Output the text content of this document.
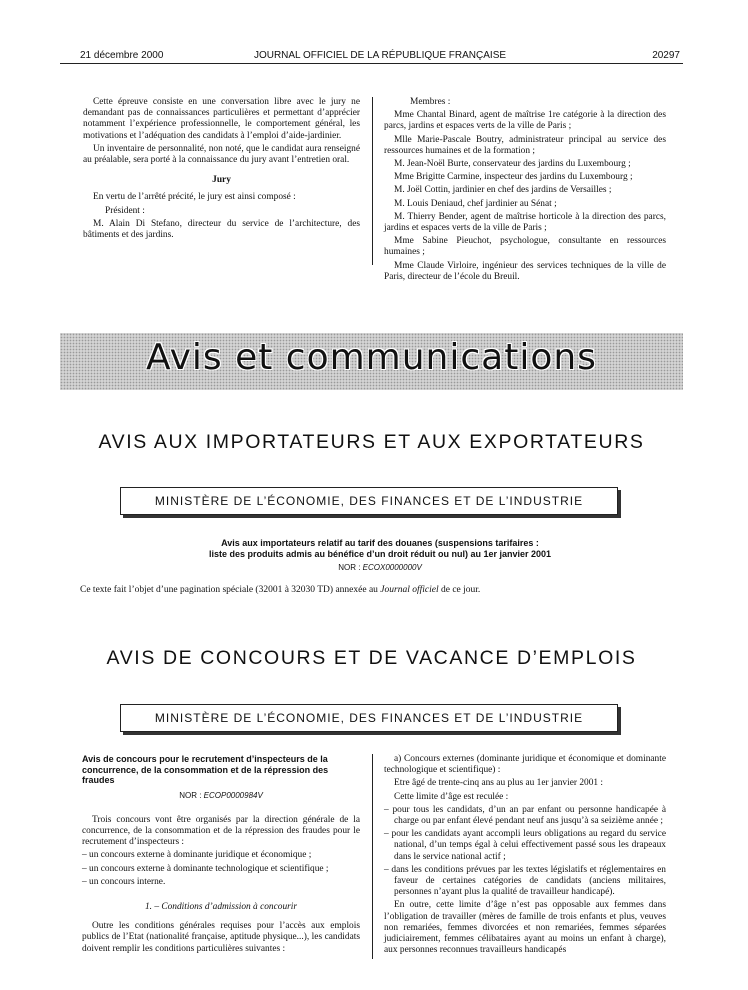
21 décembre 2000	JOURNAL OFFICIEL DE LA RÉPUBLIQUE FRANÇAISE	20297

Cette épreuve consiste en une conversation libre avec le jury ne demandant pas de connaissances particulières et permettant d’apprécier notamment l’expérience professionnelle, le comportement général, les motivations et l’adéquation des candidats à l’emploi d’aide-jardinier.

Un inventaire de personnalité, non noté, que le candidat aura renseigné au préalable, sera porté à la connaissance du jury avant l’entretien oral.

Jury

En vertu de l’arrêté précité, le jury est ainsi composé :

Président :

M. Alain Di Stefano, directeur du service de l’architecture, des bâtiments et des jardins.

Membres :

Mme Chantal Binard, agent de maîtrise 1re catégorie à la direction des parcs, jardins et espaces verts de la ville de Paris ;

Mlle Marie-Pascale Boutry, administrateur principal au service des ressources humaines et de la formation ;

M. Jean-Noël Burte, conservateur des jardins du Luxembourg ;

Mme Brigitte Carmine, inspecteur des jardins du Luxembourg ;

M. Joël Cottin, jardinier en chef des jardins de Versailles ;

M. Louis Deniaud, chef jardinier au Sénat ;

M. Thierry Bender, agent de maîtrise horticole à la direction des parcs, jardins et espaces verts de la ville de Paris ;

Mme Sabine Pieuchot, psychologue, consultante en ressources humaines ;

Mme Claude Virloire, ingénieur des services techniques de la ville de Paris, directeur de l’école du Breuil.

Avis et communications
AVIS AUX IMPORTATEURS ET AUX EXPORTATEURS
MINISTÈRE DE L’ÉCONOMIE, DES FINANCES ET DE L’INDUSTRIE
Avis aux importateurs relatif au tarif des douanes (suspensions tarifaires :
liste des produits admis au bénéfice d’un droit réduit ou nul) au 1er janvier 2001
NOR : ECOX0000000V
Ce texte fait l’objet d’une pagination spéciale (32001 à 32030 TD) annexée au Journal officiel de ce jour.
AVIS DE CONCOURS ET DE VACANCE D’EMPLOIS
MINISTÈRE DE L’ÉCONOMIE, DES FINANCES ET DE L’INDUSTRIE
Avis de concours pour le recrutement d’inspecteurs de la concurrence, de la consommation et de la répression des fraudes
NOR : ECOP0000984V

Trois concours vont être organisés par la direction générale de la concurrence, de la consommation et de la répression des fraudes pour le recrutement d’inspecteurs :

– un concours externe à dominante juridique et économique ;

– un concours externe à dominante technologique et scientifique ;

– un concours interne.

1. – Conditions d’admission à concourir

Outre les conditions générales requises pour l’accès aux emplois publics de l’Etat (nationalité française, aptitude physique...), les candidats doivent remplir les conditions particulières suivantes :

a) Concours externes (dominante juridique et économique et dominante technologique et scientifique) :

Etre âgé de trente-cinq ans au plus au 1er janvier 2001 :

Cette limite d’âge est reculée :

– pour tous les candidats, d’un an par enfant ou personne handicapée à charge ou par enfant élevé pendant neuf ans jusqu’à sa seizième année ;

– pour les candidats ayant accompli leurs obligations au regard du service national, d’un temps égal à celui effectivement passé sous les drapeaux dans le service national actif ;

– dans les conditions prévues par les textes législatifs et réglementaires en faveur de certaines catégories de candidats (anciens militaires, personnes n’ayant plus la qualité de travailleur handicapé).

En outre, cette limite d’âge n’est pas opposable aux femmes dans l’obligation de travailler (mères de famille de trois enfants et plus, veuves non remariées, femmes divorcées et non remariées, femmes séparées judiciairement, femmes célibataires ayant au moins un enfant à charge), aux personnes reconnues travailleurs handicapés
